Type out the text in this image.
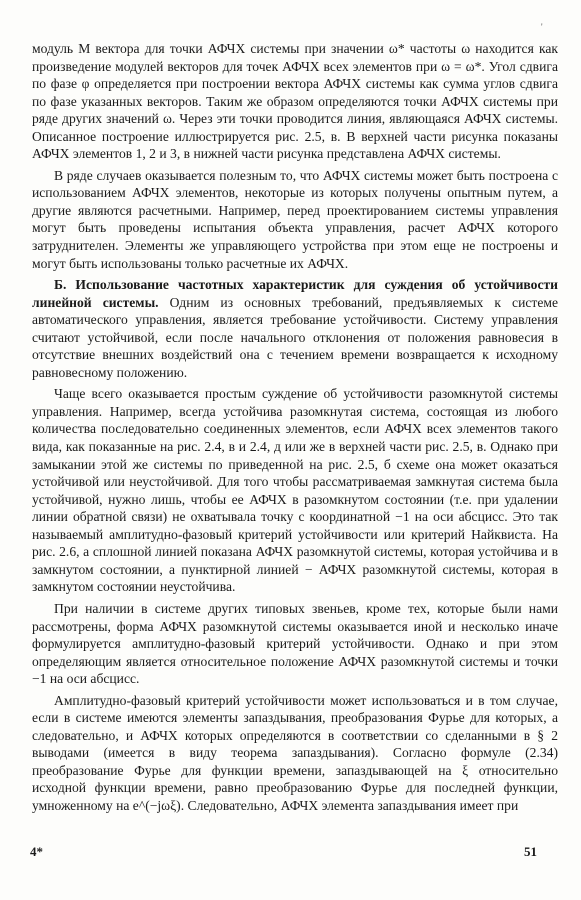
'

модуль M вектора для точки АФЧХ системы при значении ω* частоты ω находится как произведение модулей векторов для точек АФЧХ всех элементов при ω = ω*. Угол сдвига по фазе φ определяется при построении вектора АФЧХ системы как сумма углов сдвига по фазе указанных векторов. Таким же образом определяются точки АФЧХ системы при ряде других значений ω. Через эти точки проводится линия, являющаяся АФЧХ системы. Описанное построение иллюстрируется рис. 2.5, в. В верхней части рисунка показаны АФЧХ элементов 1, 2 и 3, в нижней части рисунка представлена АФЧХ системы.

В ряде случаев оказывается полезным то, что АФЧХ системы может быть построена с использованием АФЧХ элементов, некоторые из которых получены опытным путем, а другие являются расчетными. Например, перед проектированием системы управления могут быть проведены испытания объекта управления, расчет АФЧХ которого затруднителен. Элементы же управляющего устройства при этом еще не построены и могут быть использованы только расчетные их АФЧХ.

Б. Использование частотных характеристик для суждения об устойчивости линейной системы. Одним из основных требований, предъявляемых к системе автоматического управления, является требование устойчивости. Систему управления считают устойчивой, если после начального отклонения от положения равновесия в отсутствие внешних воздействий она с течением времени возвращается к исходному равновесному положению.

Чаще всего оказывается простым суждение об устойчивости разомкнутой системы управления. Например, всегда устойчива разомкнутая система, состоящая из любого количества последовательно соединенных элементов, если АФЧХ всех элементов такого вида, как показанные на рис. 2.4, в и 2.4, д или же в верхней части рис. 2.5, в. Однако при замыкании этой же системы по приведенной на рис. 2.5, б схеме она может оказаться устойчивой или неустойчивой. Для того чтобы рассматриваемая замкнутая система была устойчивой, нужно лишь, чтобы ее АФЧХ в разомкнутом состоянии (т.е. при удалении линии обратной связи) не охватывала точку с координатной −1 на оси абсцисс. Это так называемый амплитудно-фазовый критерий устойчивости или критерий Найквиста. На рис. 2.6, а сплошной линией показана АФЧХ разомкнутой системы, которая устойчива и в замкнутом состоянии, а пунктирной линией − АФЧХ разомкнутой системы, которая в замкнутом состоянии неустойчива.

При наличии в системе других типовых звеньев, кроме тех, которые были нами рассмотрены, форма АФЧХ разомкнутой системы оказывается иной и несколько иначе формулируется амплитудно-фазовый критерий устойчивости. Однако и при этом определяющим является относительное положение АФЧХ разомкнутой системы и точки −1 на оси абсцисс.

Амплитудно-фазовый критерий устойчивости может использоваться и в том случае, если в системе имеются элементы запаздывания, преобразования Фурье для которых, а следовательно, и АФЧХ которых определяются в соответствии со сделанными в § 2 выводами (имеется в виду теорема запаздывания). Согласно формуле (2.34) преобразование Фурье для функции времени, запаздывающей на ξ относительно исходной функции времени, равно преобразованию Фурье для последней функции, умноженному на e^(−jωξ). Следовательно, АФЧХ элемента запаздывания имеет при

4*	51
